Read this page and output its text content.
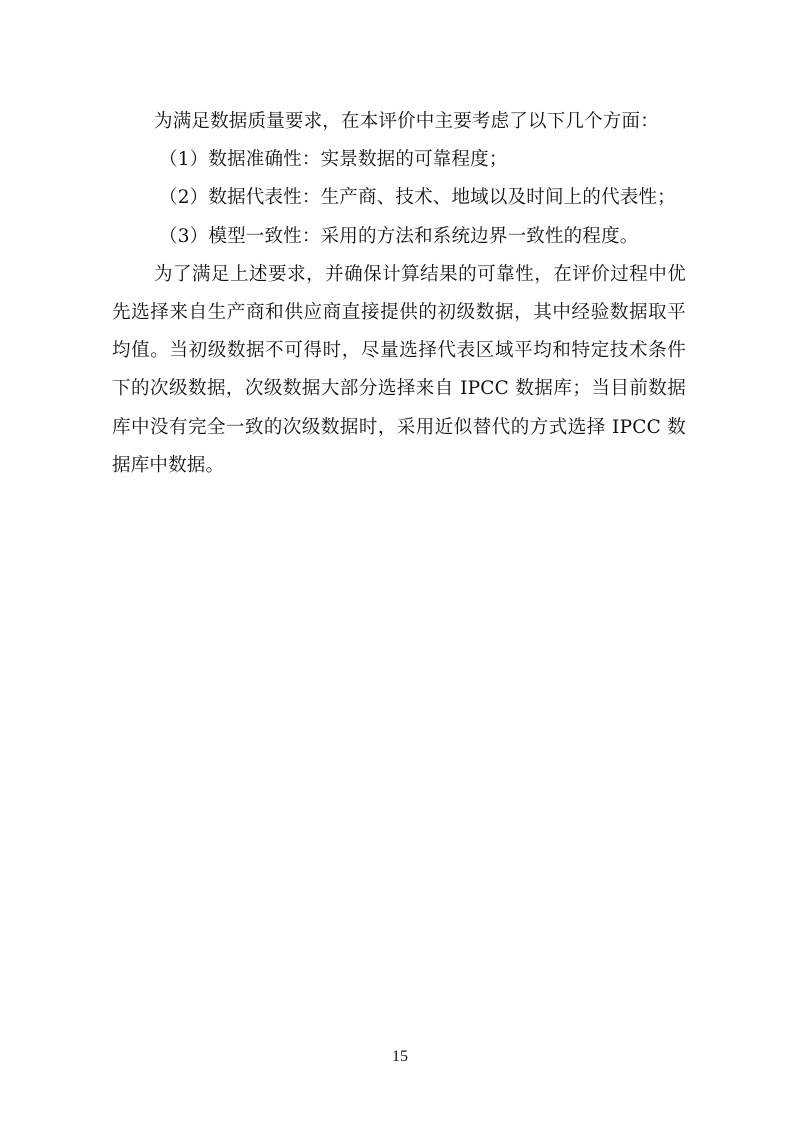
为满足数据质量要求，在本评价中主要考虑了以下几个方面：
（1）数据准确性：实景数据的可靠程度；
（2）数据代表性：生产商、技术、地域以及时间上的代表性；
（3）模型一致性：采用的方法和系统边界一致性的程度。
为了满足上述要求，并确保计算结果的可靠性，在评价过程中优
先选择来自生产商和供应商直接提供的初级数据，其中经验数据取平
均值。当初级数据不可得时，尽量选择代表区域平均和特定技术条件
下的次级数据，次级数据大部分选择来自 IPCC 数据库；当目前数据
库中没有完全一致的次级数据时，采用近似替代的方式选择 IPCC 数
据库中数据。
15
